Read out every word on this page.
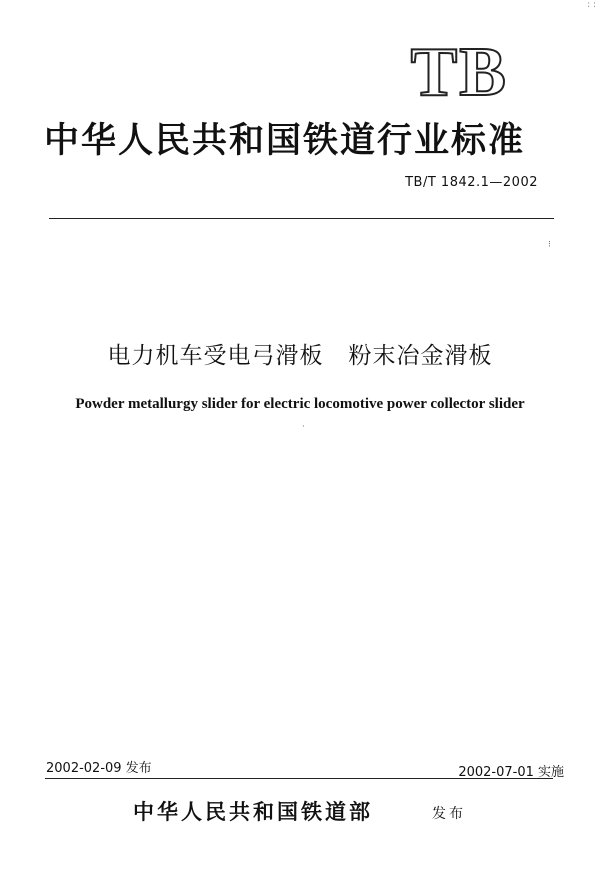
: :
TB
中华人民共和国铁道行业标准
TB/T 1842.1—2002
⁝
电力机车受电弓滑板   粉末冶金滑板
Powder metallurgy slider for electric locomotive power collector slider
·
2002-02-09 发布	2002-07-01 实施
中华人民共和国铁道部	发布
